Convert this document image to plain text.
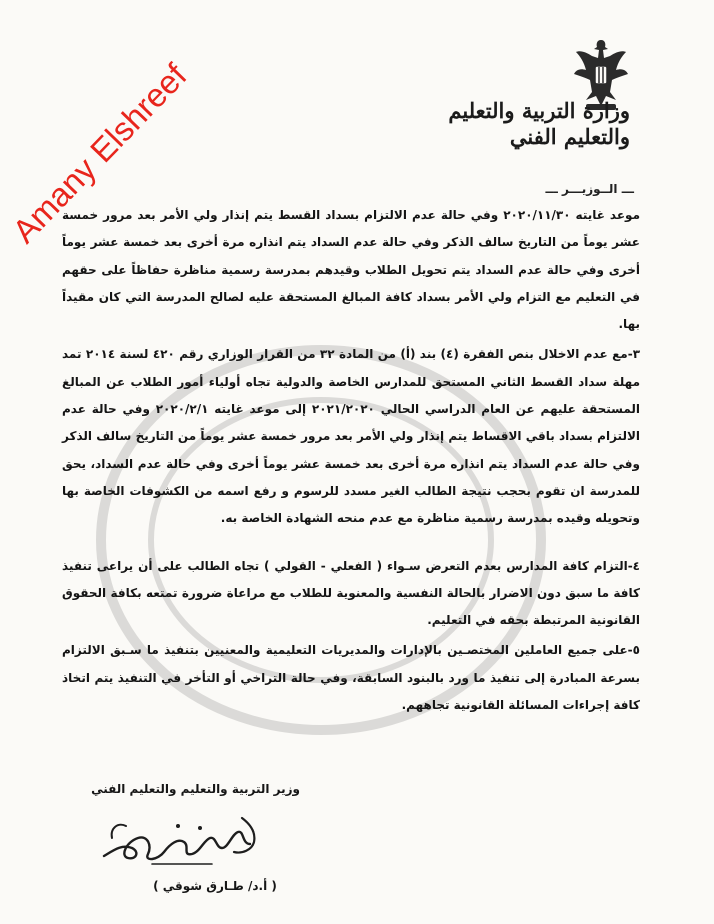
وزارة التربية والتعليم
والتعليم الفني
ـــ الــوزيـــر ـــ

موعد غايته ٢٠٢٠/١١/٣٠ وفي حالة عدم الالتزام بسداد القسط يتم إنذار ولي الأمر بعد مرور خمسة عشر يوماً من التاريخ سالف الذكر وفي حالة عدم السداد يتم انذاره مرة أخرى بعد خمسة عشر يوماً أخرى وفي حالة عدم السداد يتم تحويل الطلاب وقيدهم بمدرسة رسمية مناظرة حفاظاً على حقهم في التعليم مع التزام ولي الأمر بسداد كافة المبالغ المستحقة عليه لصالح المدرسة التي كان مقيداً بها.

٣-مع عدم الاخلال بنص الفقرة (٤) بند (أ) من المادة ٣٢ من القرار الوزاري رقم ٤٢٠ لسنة ٢٠١٤ تمد مهلة سداد القسط الثاني المستحق للمدارس الخاصة والدولية تجاه أولياء أمور الطلاب عن المبالغ المستحقة عليهم عن العام الدراسي الحالي ٢٠٢١/٢٠٢٠ إلى موعد غايته ٢٠٢٠/٢/١ وفي حالة عدم الالتزام بسداد باقي الاقساط يتم إنذار ولي الأمر بعد مرور خمسة عشر يوماً من التاريخ سالف الذكر وفي حالة عدم السداد يتم انذاره مرة أخرى بعد خمسة عشر يوماً أخرى وفي حالة عدم السداد، يحق للمدرسة ان تقوم بحجب نتيجة الطالب الغير مسدد للرسوم و رفع اسمه من الكشوفات الخاصة بها وتحويله وقيده بمدرسة رسمية مناظرة مع عدم منحه الشهادة الخاصة به.

٤-التزام كافة المدارس بعدم التعرض سـواء ( الفعلي - القولي ) تجاه الطالب على أن يراعى تنفيذ كافة ما سبق دون الاضرار بالحالة النفسية والمعنوية للطلاب مع مراعاة ضرورة تمتعه بكافة الحقوق القانونية المرتبطة بحقه في التعليم.

٥-على جميع العاملين المختصـين بالإدارات والمديريات التعليمية والمعنيين بتنفيذ ما سـبق الالتزام بسرعة المبادرة إلى تنفيذ ما ورد بالبنود السابقة، وفي حالة التراخي أو التأخر في التنفيذ يتم اتخاذ كافة إجراءات المسائلة القانونية تجاههم.

Amany Elshreef
وزير التربية والتعليم والتعليم الفني
( أ.د/ طـارق شوقي )
